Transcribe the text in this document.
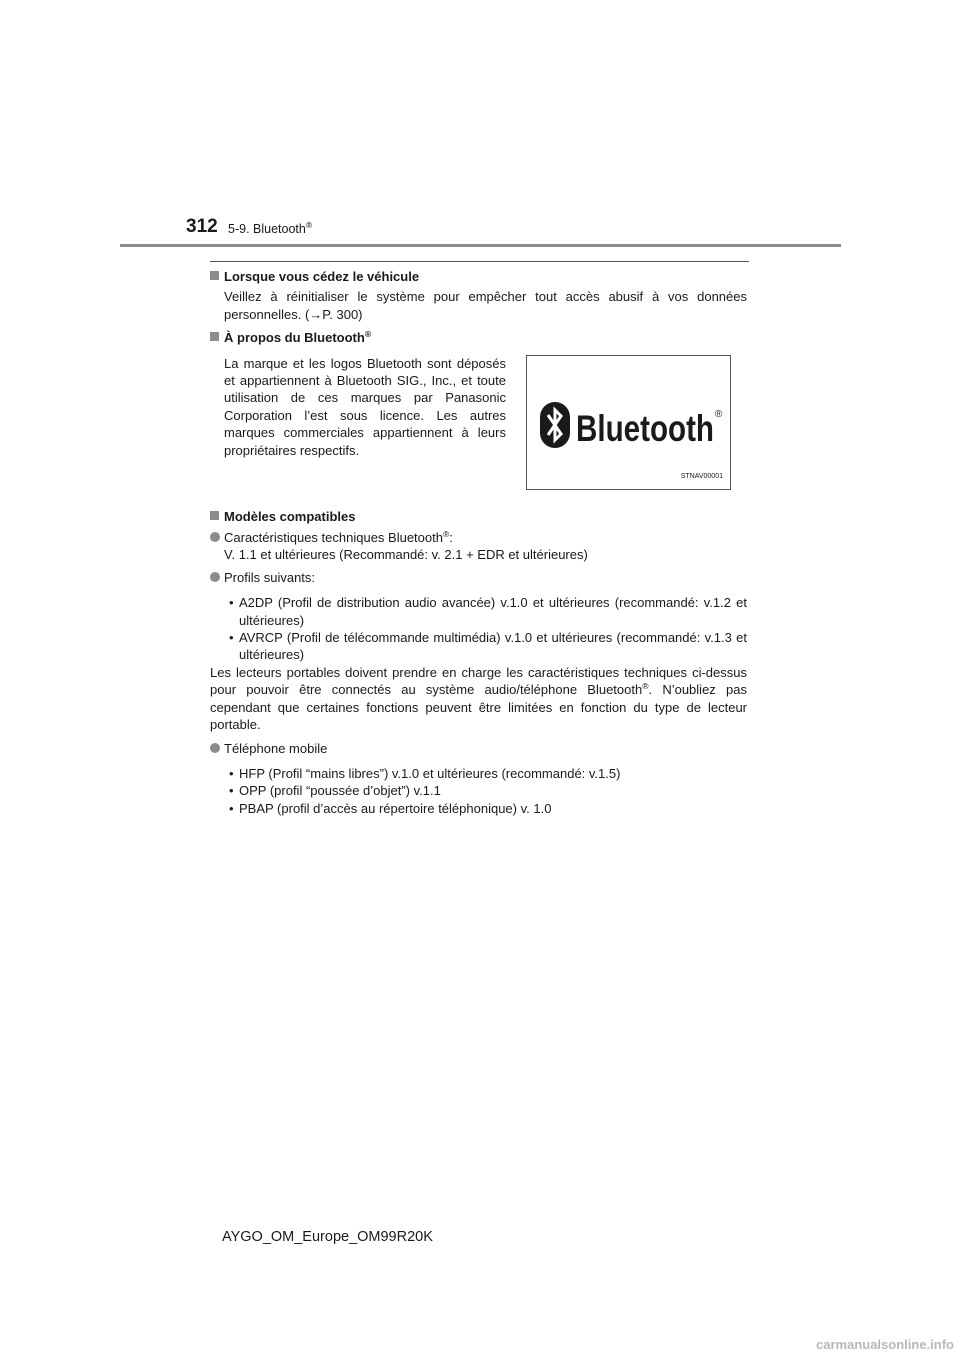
312 5-9. Bluetooth®
Lorsque vous cédez le véhicule
Veillez à réinitialiser le système pour empêcher tout accès abusif à vos données personnelles. (→P. 300)
À propos du Bluetooth®
La marque et les logos Bluetooth sont déposés et appartiennent à Bluetooth SIG., Inc., et toute utilisation de ces marques par Panasonic Corporation l’est sous licence. Les autres marques commerciales appartiennent à leurs propriétaires respectifs.
Bluetooth ®
STNAV00001
Modèles compatibles
Caractéristiques techniques Bluetooth®:
V. 1.1 et ultérieures (Recommandé: v. 2.1 + EDR et ultérieures)
Profils suivants:
• A2DP (Profil de distribution audio avancée) v.1.0 et ultérieures (recommandé: v.1.2 et ultérieures)
• AVRCP (Profil de télécommande multimédia) v.1.0 et ultérieures (recommandé: v.1.3 et ultérieures)
Les lecteurs portables doivent prendre en charge les caractéristiques techniques ci-dessus pour pouvoir être connectés au système audio/téléphone Bluetooth®. N’oubliez pas cependant que certaines fonctions peuvent être limitées en fonction du type de lecteur portable.
Téléphone mobile
• HFP (Profil “mains libres”) v.1.0 et ultérieures (recommandé: v.1.5)
• OPP (profil “poussée d’objet”) v.1.1
• PBAP (profil d’accès au répertoire téléphonique) v. 1.0
AYGO_OM_Europe_OM99R20K
carmanualsonline.info
